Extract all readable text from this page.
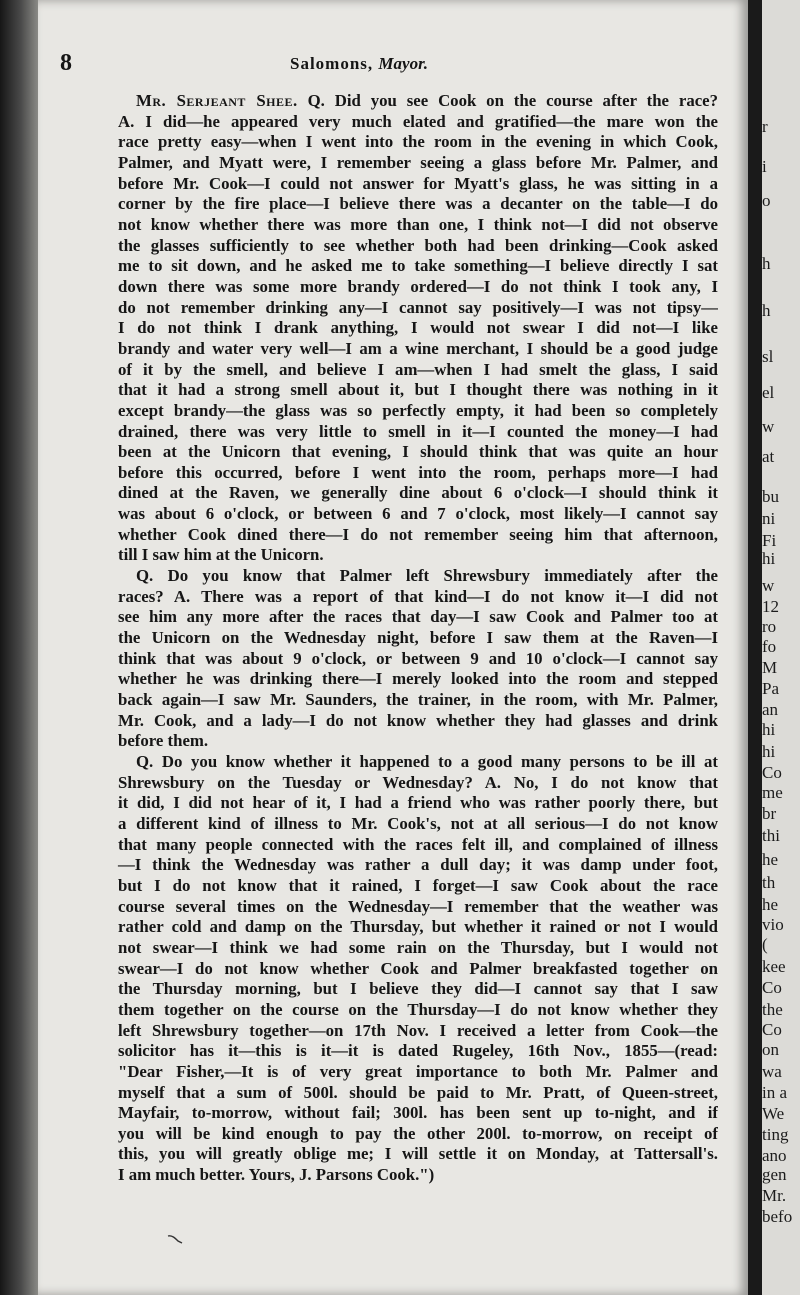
8	Salomons, Mayor.

Mr. Serjeant Shee. Q. Did you see Cook on the course after the race?
A. I did—he appeared very much elated and gratified—the mare won the
race pretty easy—when I went into the room in the evening in which Cook,
Palmer, and Myatt were, I remember seeing a glass before Mr. Palmer, and
before Mr. Cook—I could not answer for Myatt's glass, he was sitting in a
corner by the fire place—I believe there was a decanter on the table—I do
not know whether there was more than one, I think not—I did not observe
the glasses sufficiently to see whether both had been drinking—Cook asked
me to sit down, and he asked me to take something—I believe directly I sat
down there was some more brandy ordered—I do not think I took any, I
do not remember drinking any—I cannot say positively—I was not tipsy—
I do not think I drank anything, I would not swear I did not—I like
brandy and water very well—I am a wine merchant, I should be a good judge
of it by the smell, and believe I am—when I had smelt the glass, I said
that it had a strong smell about it, but I thought there was nothing in it
except brandy—the glass was so perfectly empty, it had been so completely
drained, there was very little to smell in it—I counted the money—I had
been at the Unicorn that evening, I should think that was quite an hour
before this occurred, before I went into the room, perhaps more—I had
dined at the Raven, we generally dine about 6 o'clock—I should think it
was about 6 o'clock, or between 6 and 7 o'clock, most likely—I cannot say
whether Cook dined there—I do not remember seeing him that afternoon,
till I saw him at the Unicorn.

Q. Do you know that Palmer left Shrewsbury immediately after the
races? A. There was a report of that kind—I do not know it—I did not
see him any more after the races that day—I saw Cook and Palmer too at
the Unicorn on the Wednesday night, before I saw them at the Raven—I
think that was about 9 o'clock, or between 9 and 10 o'clock—I cannot say
whether he was drinking there—I merely looked into the room and stepped
back again—I saw Mr. Saunders, the trainer, in the room, with Mr. Palmer,
Mr. Cook, and a lady—I do not know whether they had glasses and drink
before them.

Q. Do you know whether it happened to a good many persons to be ill at
Shrewsbury on the Tuesday or Wednesday? A. No, I do not know that
it did, I did not hear of it, I had a friend who was rather poorly there, but
a different kind of illness to Mr. Cook's, not at all serious—I do not know
that many people connected with the races felt ill, and complained of illness
—I think the Wednesday was rather a dull day; it was damp under foot,
but I do not know that it rained, I forget—I saw Cook about the race
course several times on the Wednesday—I remember that the weather was
rather cold and damp on the Thursday, but whether it rained or not I would
not swear—I think we had some rain on the Thursday, but I would not
swear—I do not know whether Cook and Palmer breakfasted together on
the Thursday morning, but I believe they did—I cannot say that I saw
them together on the course on the Thursday—I do not know whether they
left Shrewsbury together—on 17th Nov. I received a letter from Cook—the
solicitor has it—this is it—it is dated Rugeley, 16th Nov., 1855—(read:
"Dear Fisher,—It is of very great importance to both Mr. Palmer and
myself that a sum of 500l. should be paid to Mr. Pratt, of Queen-street,
Mayfair, to-morrow, without fail; 300l. has been sent up to-night, and if
you will be kind enough to pay the other 200l. to-morrow, on receipt of
this, you will greatly oblige me; I will settle it on Monday, at Tattersall's.
I am much better. Yours, J. Parsons Cook.")

r
i
o
h
h
sl
el
w
at
bu
ni
Fi
hi
w
12
ro
fo
M
Pa
an
hi
hi
Co
me
br
thi
he
th
he
vio
(
kee
Co
the
Co
on
wa
in a
We
ting
ano
gen
Mr.
befo
